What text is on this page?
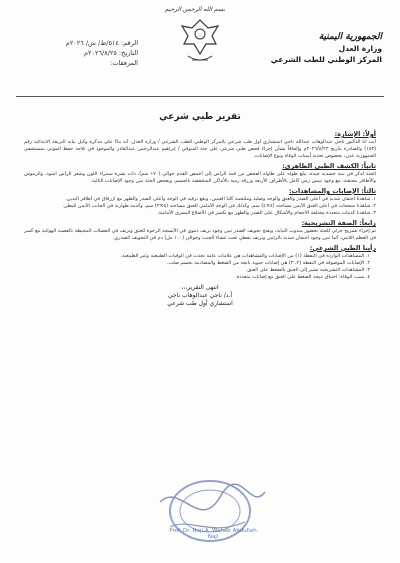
الجمهورية اليمنية
وزارة العدل
المركز الوطني للطب الشرعي
بسم الله الرحمن الرحيم
الرقم: ٥١٤/ط/ ش/ ٢٠٢٦م
التاريخ: ٢٠٢٦/٨/٢٥م
المرفقات:
تقرير طبي شرعي
أولاً: الإشارة:
أنت أنا الدكتور ناجي عبدالوهاب عبدالله ناجي استشاري أول طب شرعي بالمركز الوطني للطب الشرعي / وزارة العدل، أنه بناءً على مذكرة وكيل نيابة البريقة الابتدائية رقم (١٥٣) والصادرة بتاريخ ٢٠٢٦/٨/٢٣م وإلحاقاً بشأن إجراء فحص طبي شرعي على جثة المتوفي / إبراهيم عبدالرحمن عبدالقادر والموجود في ثلاجة حفظ الموتى بمستشفى الجمهورية عدن، بخصوص تحديد أسباب الوفاة ونوع الإصابات.
ثانياً: الكشف الطبي الظاهري:
الجثة لذكر في بنية جسدية جيدة، يبلغ طوله على طاولة الفحص من قمة الرأس إلى أخمص القدم حوالي (١٧٠ سم)، ذات بشرة سمراء اللون وشعر الرأس أسود، والرموش والأظافر محتقنة، مع وجود تيبس رمي كامل بالأطراف الأربعة وزرقة رمية بالأماكن المنخفضة بالجسم، وبفحص الجثة تبين وجود الإصابات التالية.
ثالثاً: الإصابات والمشاهدات:
١. شاهدنا احتقان شديد في أعلى الصدر والعنق والوجه وصلبة وملتحمة كلتا العينين، ويقع ترقيه في الوجه وأعلى الصدر والظهر مع ازرقاق في أظافر اليدين.
٢. شاهدنا سحجات في أعلى العنق الأيمن مساحته (٨×٤) سم، وكذلك في الوجه الأمامي للعنق مساحته (٥×٣) سم، وكدمة ظهارية في الجانب الأيمن للبطن.
٣. شاهدنا كدمات متعددة مختلفة الأحجام والأشكال على الصدر والظهر مع تكسر في الأضلاع اليسرى الأمامية.
رابعاً: الصفة التشريحية:
تم إجراء تشريح جزئي للجثة بحضور مندوب النيابة، وبفتح تجويف الصدر تبين وجود نزيف دموي في الأنسجة الرخوة للعنق ونزيف في العضلات المحيطة بالقصبة الهوائية مع كسر في العظم اللامي، كما تبين وجود احتقان شديد بالرئتين ونزيف نقطي تحت غشاء الجنب وحوالي (١٠٠ مل) دم في التجويف الصدري.
رأينا الطبي الشرعي:
١. المشاهدات الواردة في النقطة (١) من الإصابات والمشاهدات هي علامات عامة تحدث في الوفيات الطبيعية وغير الطبيعية.
٢. الإصابات الموصوفة في النقطة (٢، ٣) هي إصابات حيوية ناتجة من الضغط والمصادمة بجسم صلب.
٣. المشاهدات التشريحية تشير إلى الخنق بالضغط على العنق.
٤. سبب الوفاة: اختناق نتيجة الضغط على العنق مع إصابات متعددة.
انتهى التقرير،،،
أ.د/ ناجي عبدالوهاب ناجي
استشاري أول طب شرعي
Prof. Dr. Naji A. Wahab Abdullah Naji
